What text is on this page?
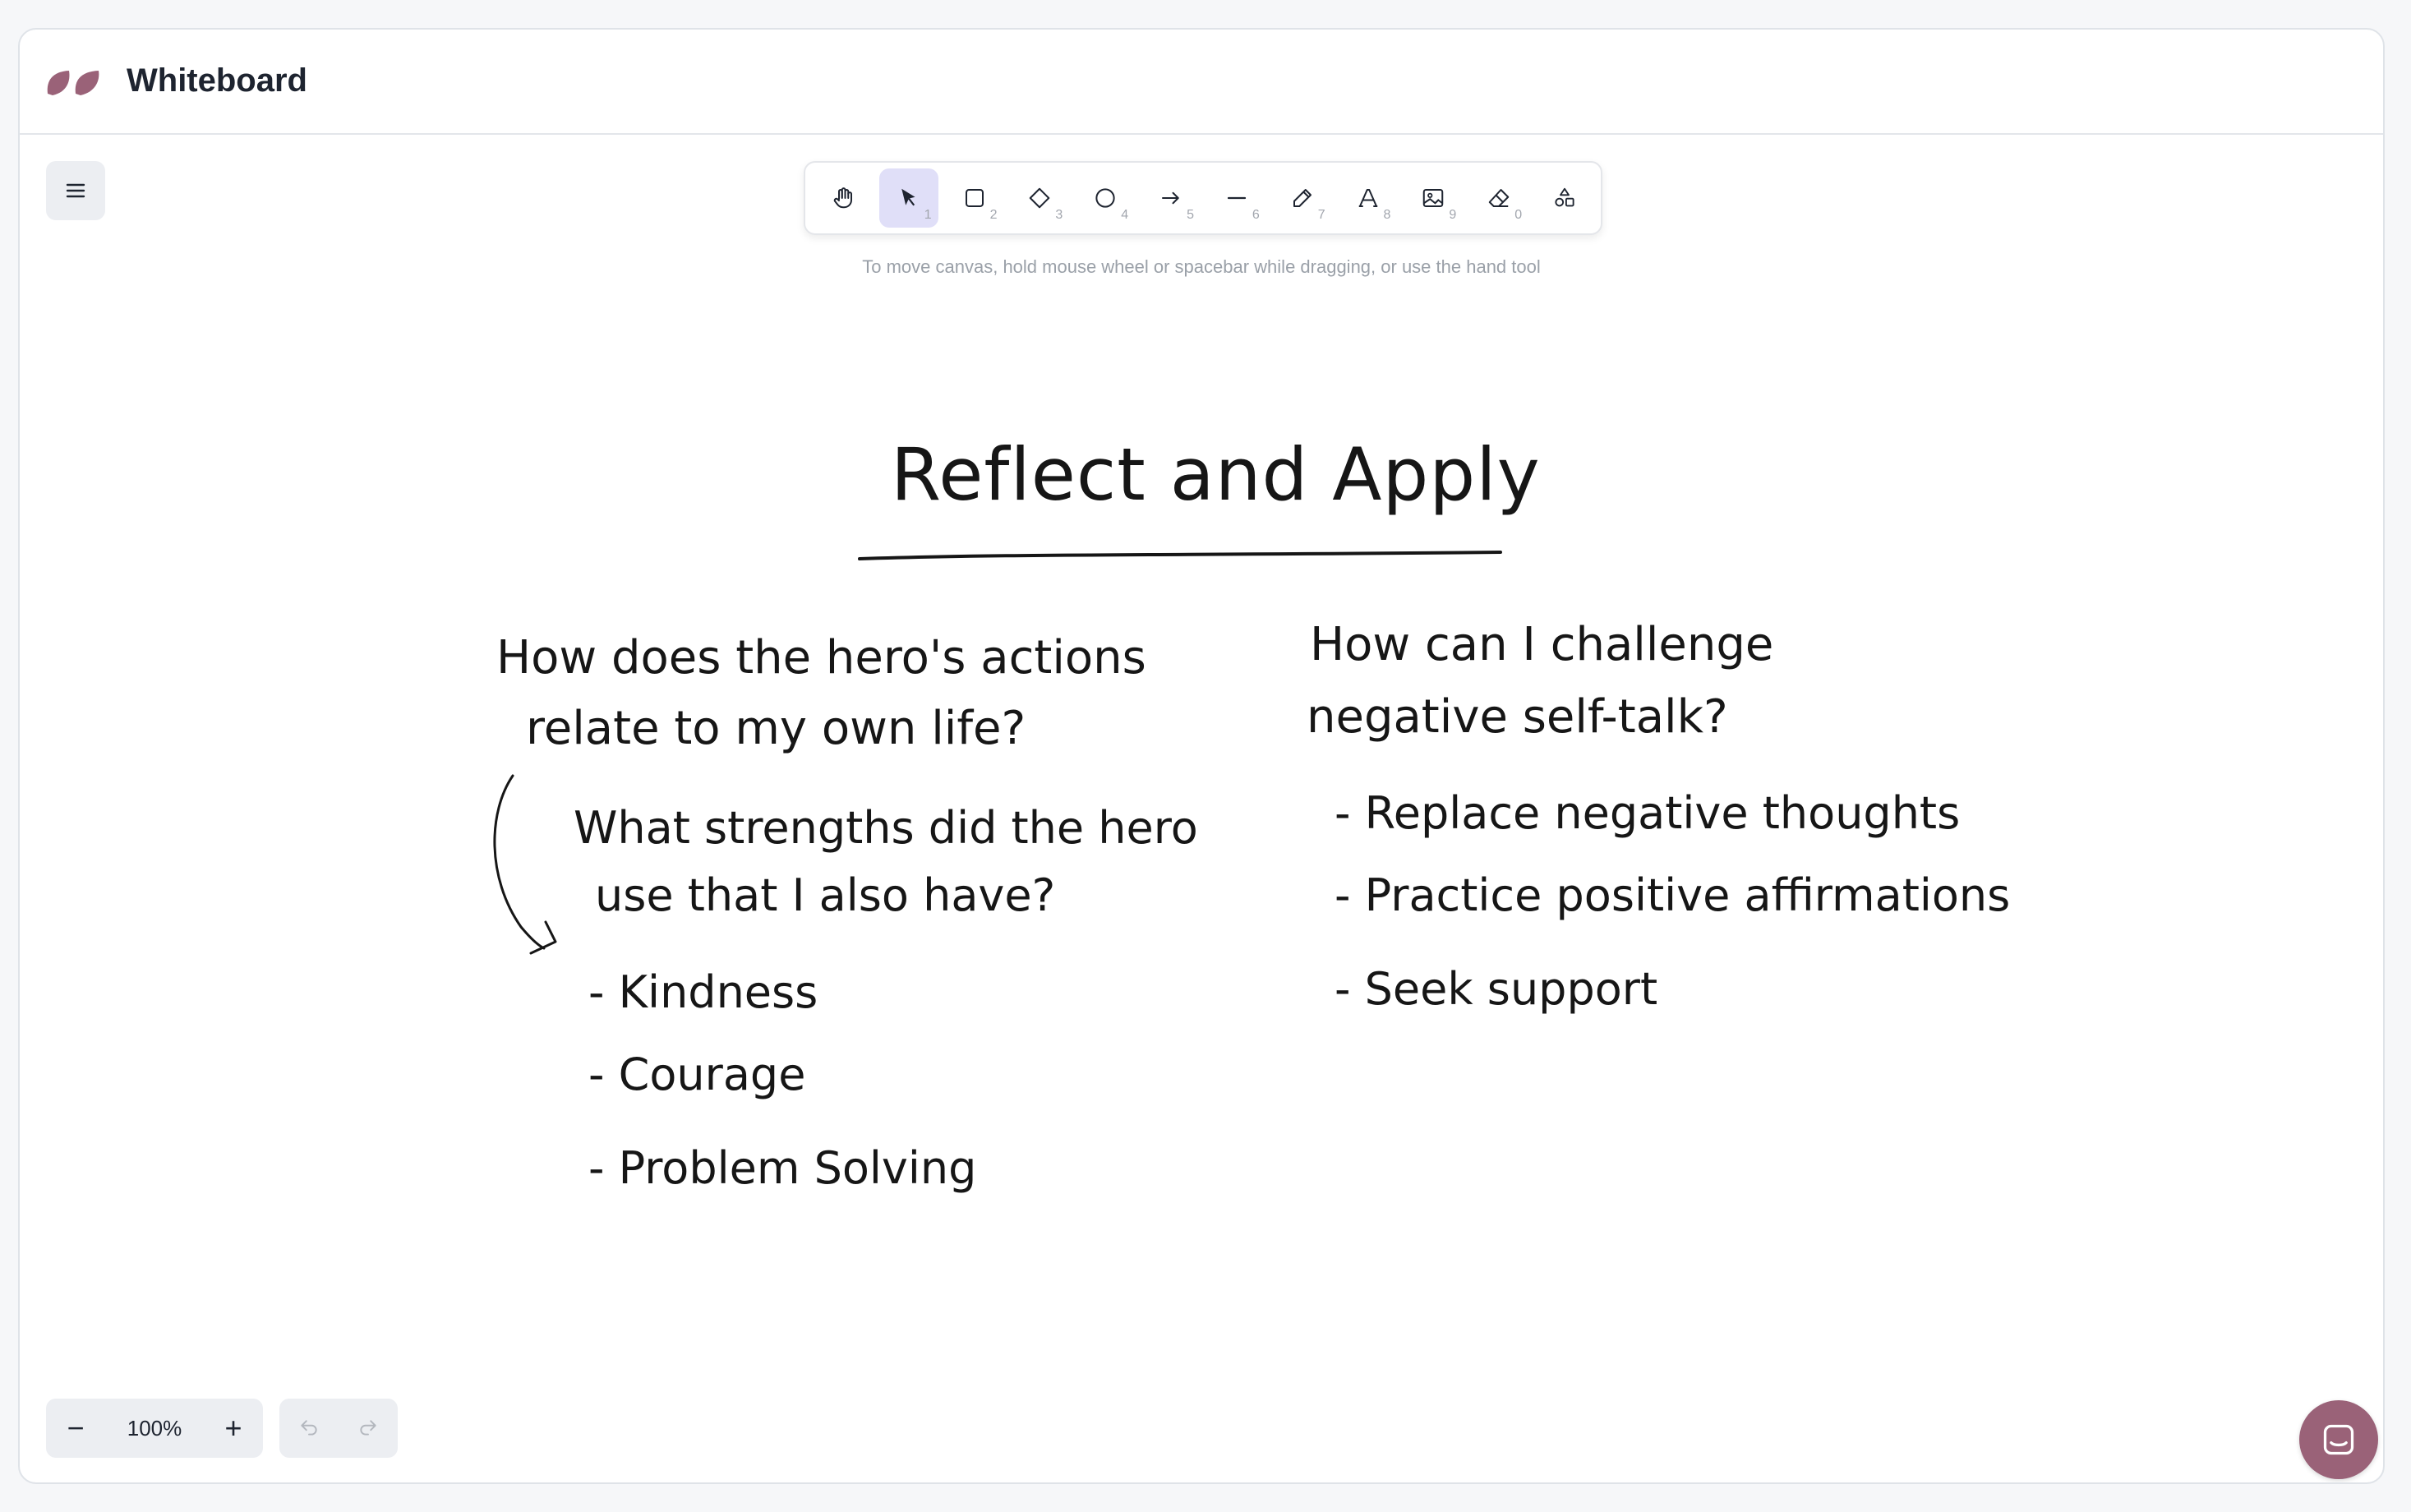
Whiteboard
1	2	3	4	5	6	7	8	9	0
To move canvas, hold mouse wheel or spacebar while dragging, or use the hand tool
Reflect and Apply
How does the hero's actions
relate to my own life?
What strengths did the hero
use that I also have?
- Kindness
- Courage
- Problem Solving
How can I challenge
negative self-talk?
- Replace negative thoughts
- Practice positive affirmations
- Seek support
−	100%	+
